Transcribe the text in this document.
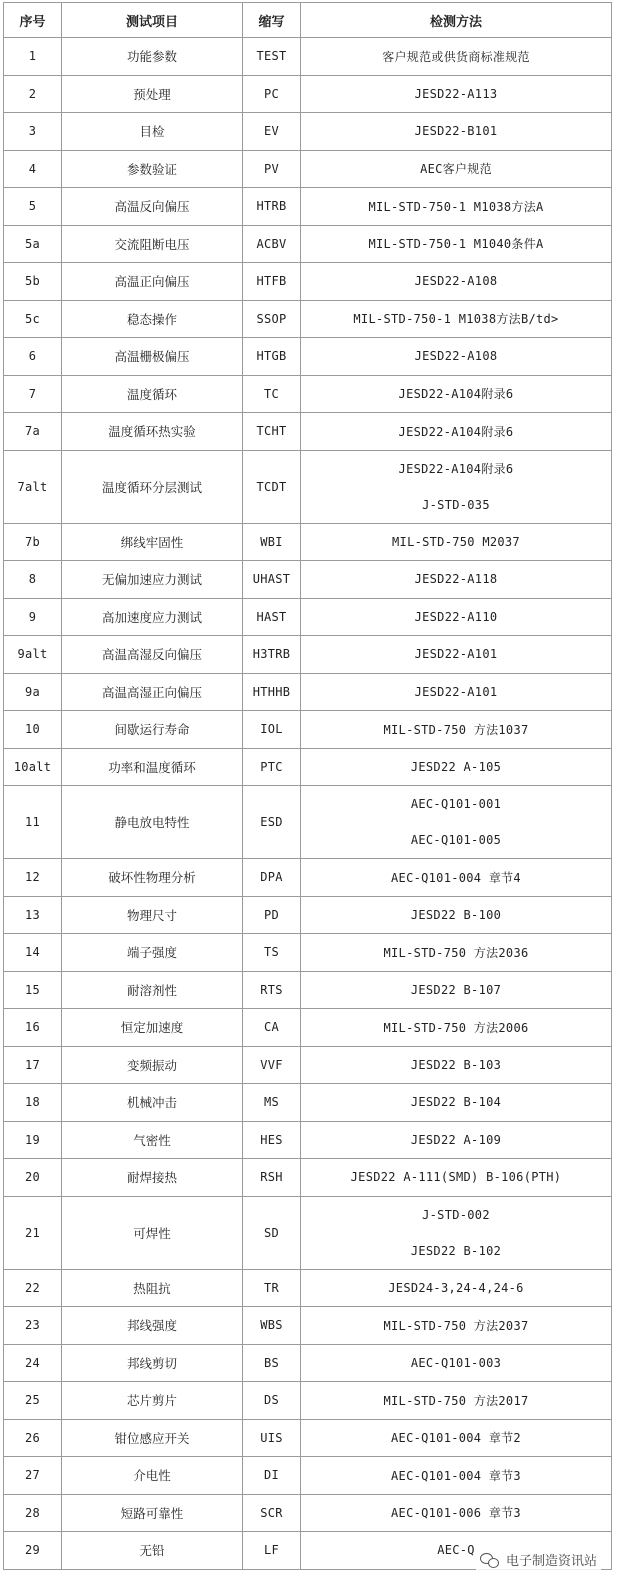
序号	测试项目	缩写	检测方法
1	功能参数	TEST	客户规范或供货商标准规范
2	预处理	PC	JESD22-A113
3	目检	EV	JESD22-B101
4	参数验证	PV	AEC客户规范
5	高温反向偏压	HTRB	MIL-STD-750-1 M1038方法A
5a	交流阻断电压	ACBV	MIL-STD-750-1 M1040条件A
5b	高温正向偏压	HTFB	JESD22-A108
5c	稳态操作	SSOP	MIL-STD-750-1 M1038方法B/td>
6	高温栅极偏压	HTGB	JESD22-A108
7	温度循环	TC	JESD22-A104附录6
7a	温度循环热实验	TCHT	JESD22-A104附录6
7alt	温度循环分层测试	TCDT	JESD22-A104附录6
J-STD-035

7b	绑线牢固性	WBI	MIL-STD-750 M2037
8	无偏加速应力测试	UHAST	JESD22-A118
9	高加速度应力测试	HAST	JESD22-A110
9alt	高温高湿反向偏压	H3TRB	JESD22-A101
9a	高温高湿正向偏压	HTHHB	JESD22-A101
10	间歇运行寿命	IOL	MIL-STD-750 方法1037
10alt	功率和温度循环	PTC	JESD22 A-105
11	静电放电特性	ESD	AEC-Q101-001
AEC-Q101-005

12	破坏性物理分析	DPA	AEC-Q101-004 章节4
13	物理尺寸	PD	JESD22 B-100
14	端子强度	TS	MIL-STD-750 方法2036
15	耐溶剂性	RTS	JESD22 B-107
16	恒定加速度	CA	MIL-STD-750 方法2006
17	变频振动	VVF	JESD22 B-103
18	机械冲击	MS	JESD22 B-104
19	气密性	HES	JESD22 A-109
20	耐焊接热	RSH	JESD22 A-111(SMD) B-106(PTH)
21	可焊性	SD	J-STD-002
JESD22 B-102

22	热阻抗	TR	JESD24-3,24-4,24-6
23	邦线强度	WBS	MIL-STD-750 方法2037
24	邦线剪切	BS	AEC-Q101-003
25	芯片剪片	DS	MIL-STD-750 方法2017
26	钳位感应开关	UIS	AEC-Q101-004 章节2
27	介电性	DI	AEC-Q101-004 章节3
28	短路可靠性	SCR	AEC-Q101-006 章节3
29	无铅	LF	AEC-Q
电子制造资讯站
